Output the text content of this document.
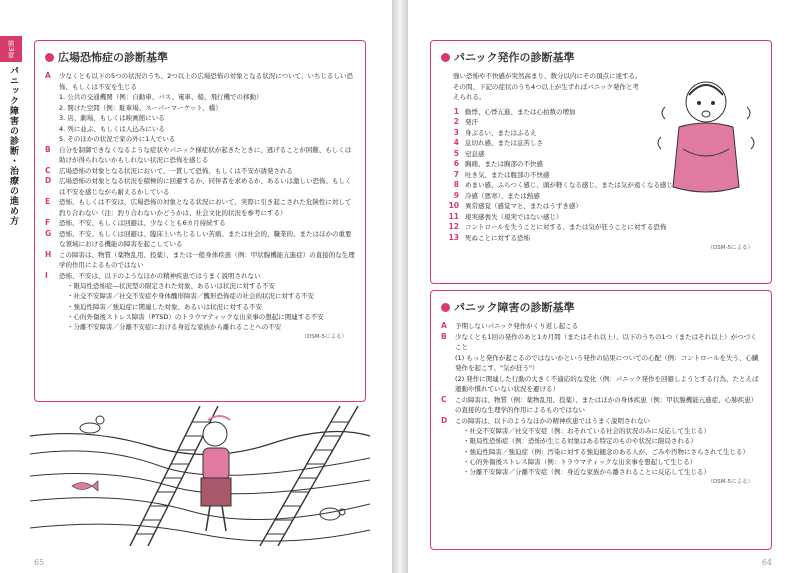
第3章
パニック障害の診断・治療の進め方
広場恐怖症の診断基準
A	少なくとも以下の5つの状況のうち、2つ以上の広場恐怖の対象となる状況について、いちじるしい恐怖、もしくは不安を生じる
1. 公共の交通機関（例：自動車、バス、電車、船、飛行機での移動）
2. 開けた空間（例：駐車場、スーパーマーケット、橋）
3. 店、劇場、もしくは映画館にいる
4. 列に並ぶ、もしくは人込みにいる
5. そのほかの状況で家の外に1人でいる
B	自分を制御できなくなるような症状やパニック様症状が起きたときに、逃げることが困難、もしくは助けが得られないかもしれない状況に恐怖を感じる
C	広場恐怖の対象となる状況において、一貫して恐怖、もしくは不安が誘発される
D	広場恐怖の対象となる状況を積極的に回避するか、同伴者を求めるか、あるいは激しい恐怖、もしくは不安を感じながら耐えるかしている
E	恐怖、もしくは不安は、広場恐怖の対象となる状況において、実際に引き起こされた危険性に対して釣り合わない（注：釣り合わないかどうかは、社会文化的状況を参考にする）
F	恐怖、不安、もしくは回避は、少なくとも6カ月持続する
G	恐怖、不安、もしくは回避は、臨床上いちじるしい苦痛、または社会的、職業的、またはほかの重要な領域における機能の障害を起こしている
H	この障害は、物質（薬物乱用、投薬）、または一般身体疾患（例：甲状腺機能亢進症）の直接的な生理学的作用によるものではない
I	恐怖、不安は、以下のようなほかの精神疾患ではうまく説明されない
・限局性恐怖症―状況型の限定された対象、あるいは状況に対する不安
・社交不安障害／社交不安症や身体醜形障害／醜形恐怖症の社会的状況に対する不安
・強迫性障害／強迫症に関連した対象、あるいは状況に対する不安
・心的外傷後ストレス障害（PTSD）のトラウマティックな出来事の想起に関連する不安
・分離不安障害／分離不安症における身近な家族から離れることへの不安
（DSM-5による）
65
パニック発作の診断基準
強い恐怖や不快感が突然高まり、数分以内にその頂点に達する。その間、下記の症状のうち4つ以上が生ずればパニック発作と考えられる。
1 動悸、心悸亢進、または心拍数の増加
2 発汗
3 身ぶるい、またはふるえ
4 息切れ感、または息苦しさ
5 窒息感
6 胸痛、または胸部の不快感
7 吐き気、または腹部の不快感
8 めまい感、ふらつく感じ、頭が軽くなる感じ、または気が遠くなる感じ
9 冷感（悪寒）、または熱感
10 異常感覚（感覚マヒ、またはうずき感）
11 現実感喪失（現実ではない感じ）
12 コントロールを失うことに対する、または気が狂うことに対する恐怖
13 死ぬことに対する恐怖
（DSM-5による）
パニック障害の診断基準
A	予期しないパニック発作がくり返し起こる
B	少なくとも1回の発作のあと1カ月間（またはそれ以上）、以下のうちの1つ（またはそれ以上）がつづくこと
(1) もっと発作が起こるのではないかという発作の結果についての心配（例：コントロールを失う、心臓発作を起こす、"気が狂う"）
(2) 発作に関連した行動の大きく不適応的な変化（例：パニック発作を回避しようとする行為、たとえば運動や慣れていない状況を避ける）
C	この障害は、物質（例：薬物乱用、投薬）、またはほかの身体疾患（例：甲状腺機能亢進症、心肺疾患）の直接的な生理学的作用によるものではない
D	この障害は、以下のようなほかの精神疾患ではうまく説明されない
・社交不安障害／社交不安症（例：おそれている社会的状況のみに反応して生じる）
・限局性恐怖症（例：恐怖が生じる対象はある特定のものや状況に限局される）
・強迫性障害／強迫症（例：汚染に対する強迫観念のある人が、ごみや汚物にさらされて生じる）
・心的外傷後ストレス障害（例：トラウマティックな出来事を想起して生じる）
・分離不安障害／分離不安症（例：身近な家族から離されることに反応して生じる）
（DSM-5による）
64
